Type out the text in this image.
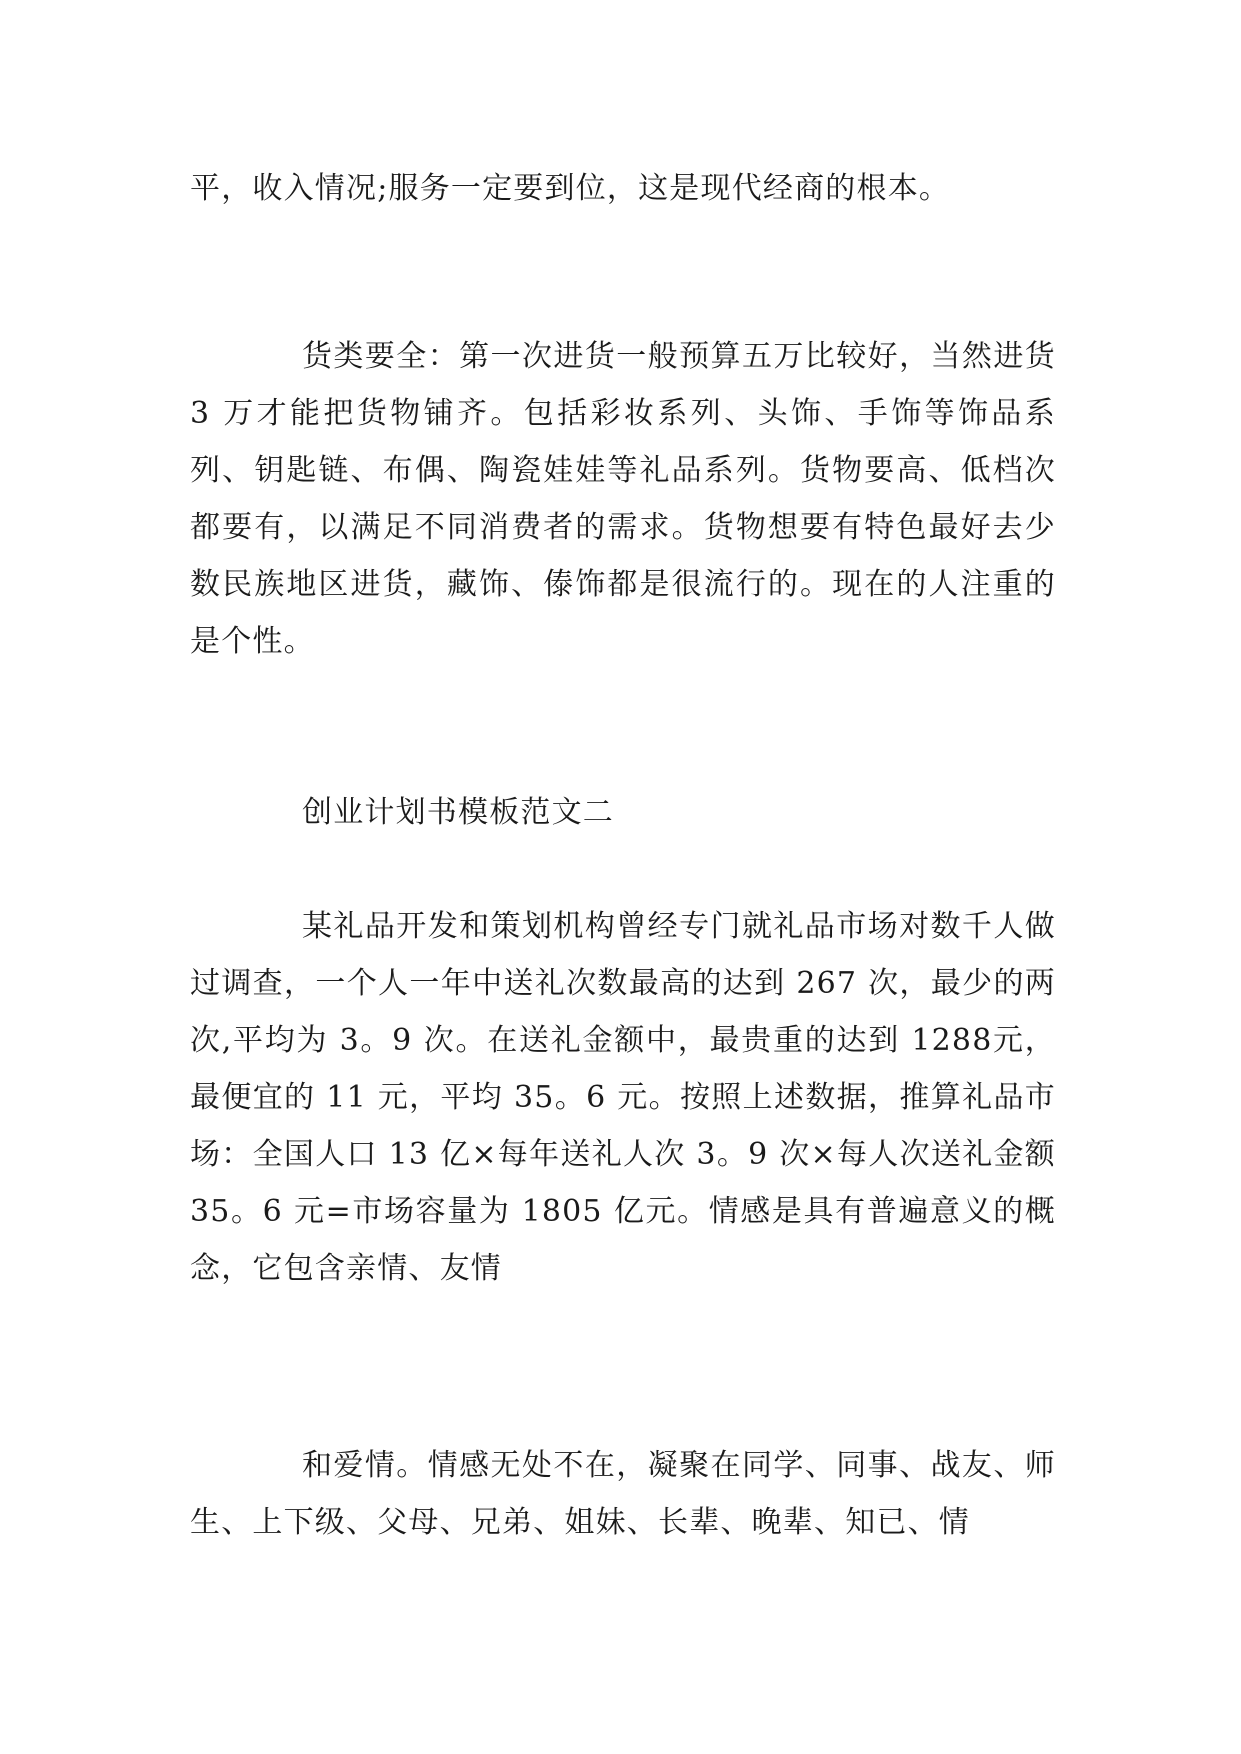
平，收入情况;服务一定要到位，这是现代经商的根本。

货类要全：第一次进货一般预算五万比较好，当然进货 3 万才能把货物铺齐。包括彩妆系列、头饰、手饰等饰品系列、钥匙链、布偶、陶瓷娃娃等礼品系列。货物要高、低档次都要有，以满足不同消费者的需求。货物想要有特色最好去少数民族地区进货，藏饰、傣饰都是很流行的。现在的人注重的是个性。

创业计划书模板范文二

某礼品开发和策划机构曾经专门就礼品市场对数千人做过调查，一个人一年中送礼次数最高的达到 267 次，最少的两次,平均为 3。9 次。在送礼金额中，最贵重的达到 1288元，最便宜的 11 元，平均 35。6 元。按照上述数据，推算礼品市场：全国人口 13 亿×每年送礼人次 3。9 次×每人次送礼金额 35。6 元=市场容量为 1805 亿元。情感是具有普遍意义的概念，它包含亲情、友情

和爱情。情感无处不在，凝聚在同学、同事、战友、师生、上下级、父母、兄弟、姐妹、长辈、晚辈、知已、情
